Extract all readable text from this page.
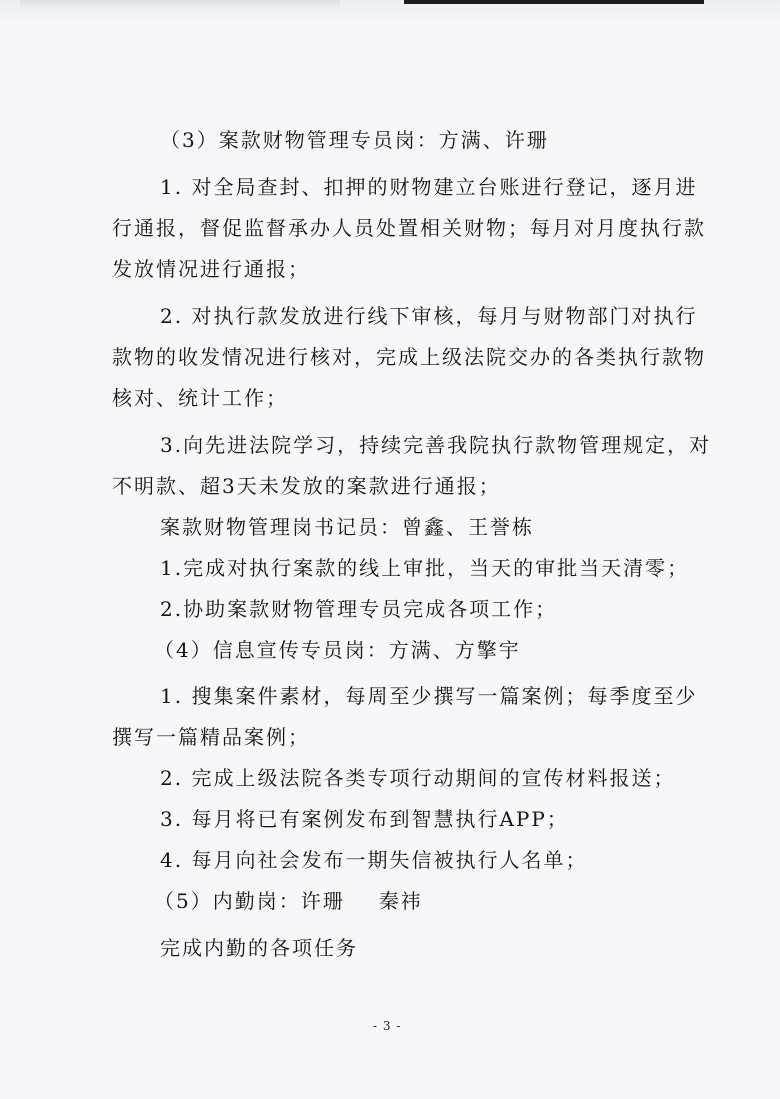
（3）案款财物管理专员岗：方满、许珊
1. 对全局查封、扣押的财物建立台账进行登记，逐月进
行通报，督促监督承办人员处置相关财物；每月对月度执行款
发放情况进行通报；
2. 对执行款发放进行线下审核，每月与财物部门对执行
款物的收发情况进行核对，完成上级法院交办的各类执行款物
核对、统计工作；
3.向先进法院学习，持续完善我院执行款物管理规定，对
不明款、超3天未发放的案款进行通报；
案款财物管理岗书记员：曾鑫、王誉栋
1.完成对执行案款的线上审批，当天的审批当天清零；
2.协助案款财物管理专员完成各项工作；
（4）信息宣传专员岗：方满、方擎宇
1. 搜集案件素材，每周至少撰写一篇案例；每季度至少
撰写一篇精品案例；
2. 完成上级法院各类专项行动期间的宣传材料报送；
3. 每月将已有案例发布到智慧执行APP；
4. 每月向社会发布一期失信被执行人名单；
（5）内勤岗：许珊 秦祎
完成内勤的各项任务
- 3 -
